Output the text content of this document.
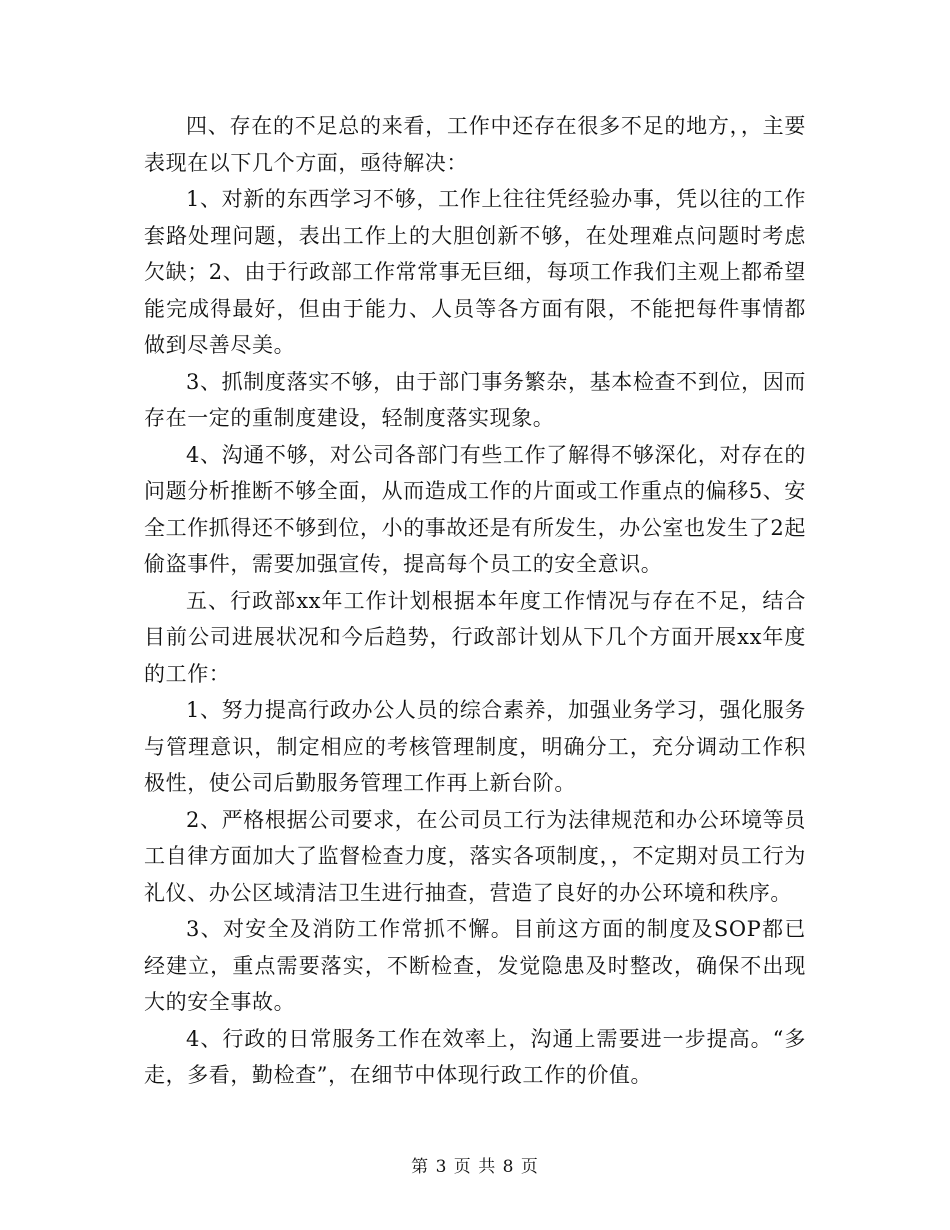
四、存在的不足总的来看，工作中还存在很多不足的地方，，主要表现在以下几个方面，亟待解决：

1、对新的东西学习不够，工作上往往凭经验办事，凭以往的工作套路处理问题，表出工作上的大胆创新不够，在处理难点问题时考虑欠缺；2、由于行政部工作常常事无巨细，每项工作我们主观上都希望能完成得最好，但由于能力、人员等各方面有限，不能把每件事情都做到尽善尽美。

3、抓制度落实不够，由于部门事务繁杂，基本检查不到位，因而存在一定的重制度建设，轻制度落实现象。

4、沟通不够，对公司各部门有些工作了解得不够深化，对存在的问题分析推断不够全面，从而造成工作的片面或工作重点的偏移5、安全工作抓得还不够到位，小的事故还是有所发生，办公室也发生了2起偷盗事件，需要加强宣传，提高每个员工的安全意识。

五、行政部xx年工作计划根据本年度工作情况与存在不足，结合目前公司进展状况和今后趋势，行政部计划从下几个方面开展xx年度的工作：

1、努力提高行政办公人员的综合素养，加强业务学习，强化服务与管理意识，制定相应的考核管理制度，明确分工，充分调动工作积极性，使公司后勤服务管理工作再上新台阶。

2、严格根据公司要求，在公司员工行为法律规范和办公环境等员工自律方面加大了监督检查力度，落实各项制度，，不定期对员工行为礼仪、办公区域清洁卫生进行抽查，营造了良好的办公环境和秩序。

3、对安全及消防工作常抓不懈。目前这方面的制度及SOP都已经建立，重点需要落实，不断检查，发觉隐患及时整改，确保不出现大的安全事故。

4、行政的日常服务工作在效率上，沟通上需要进一步提高。“多走，多看，勤检查”，在细节中体现行政工作的价值。

第 3 页 共 8 页
